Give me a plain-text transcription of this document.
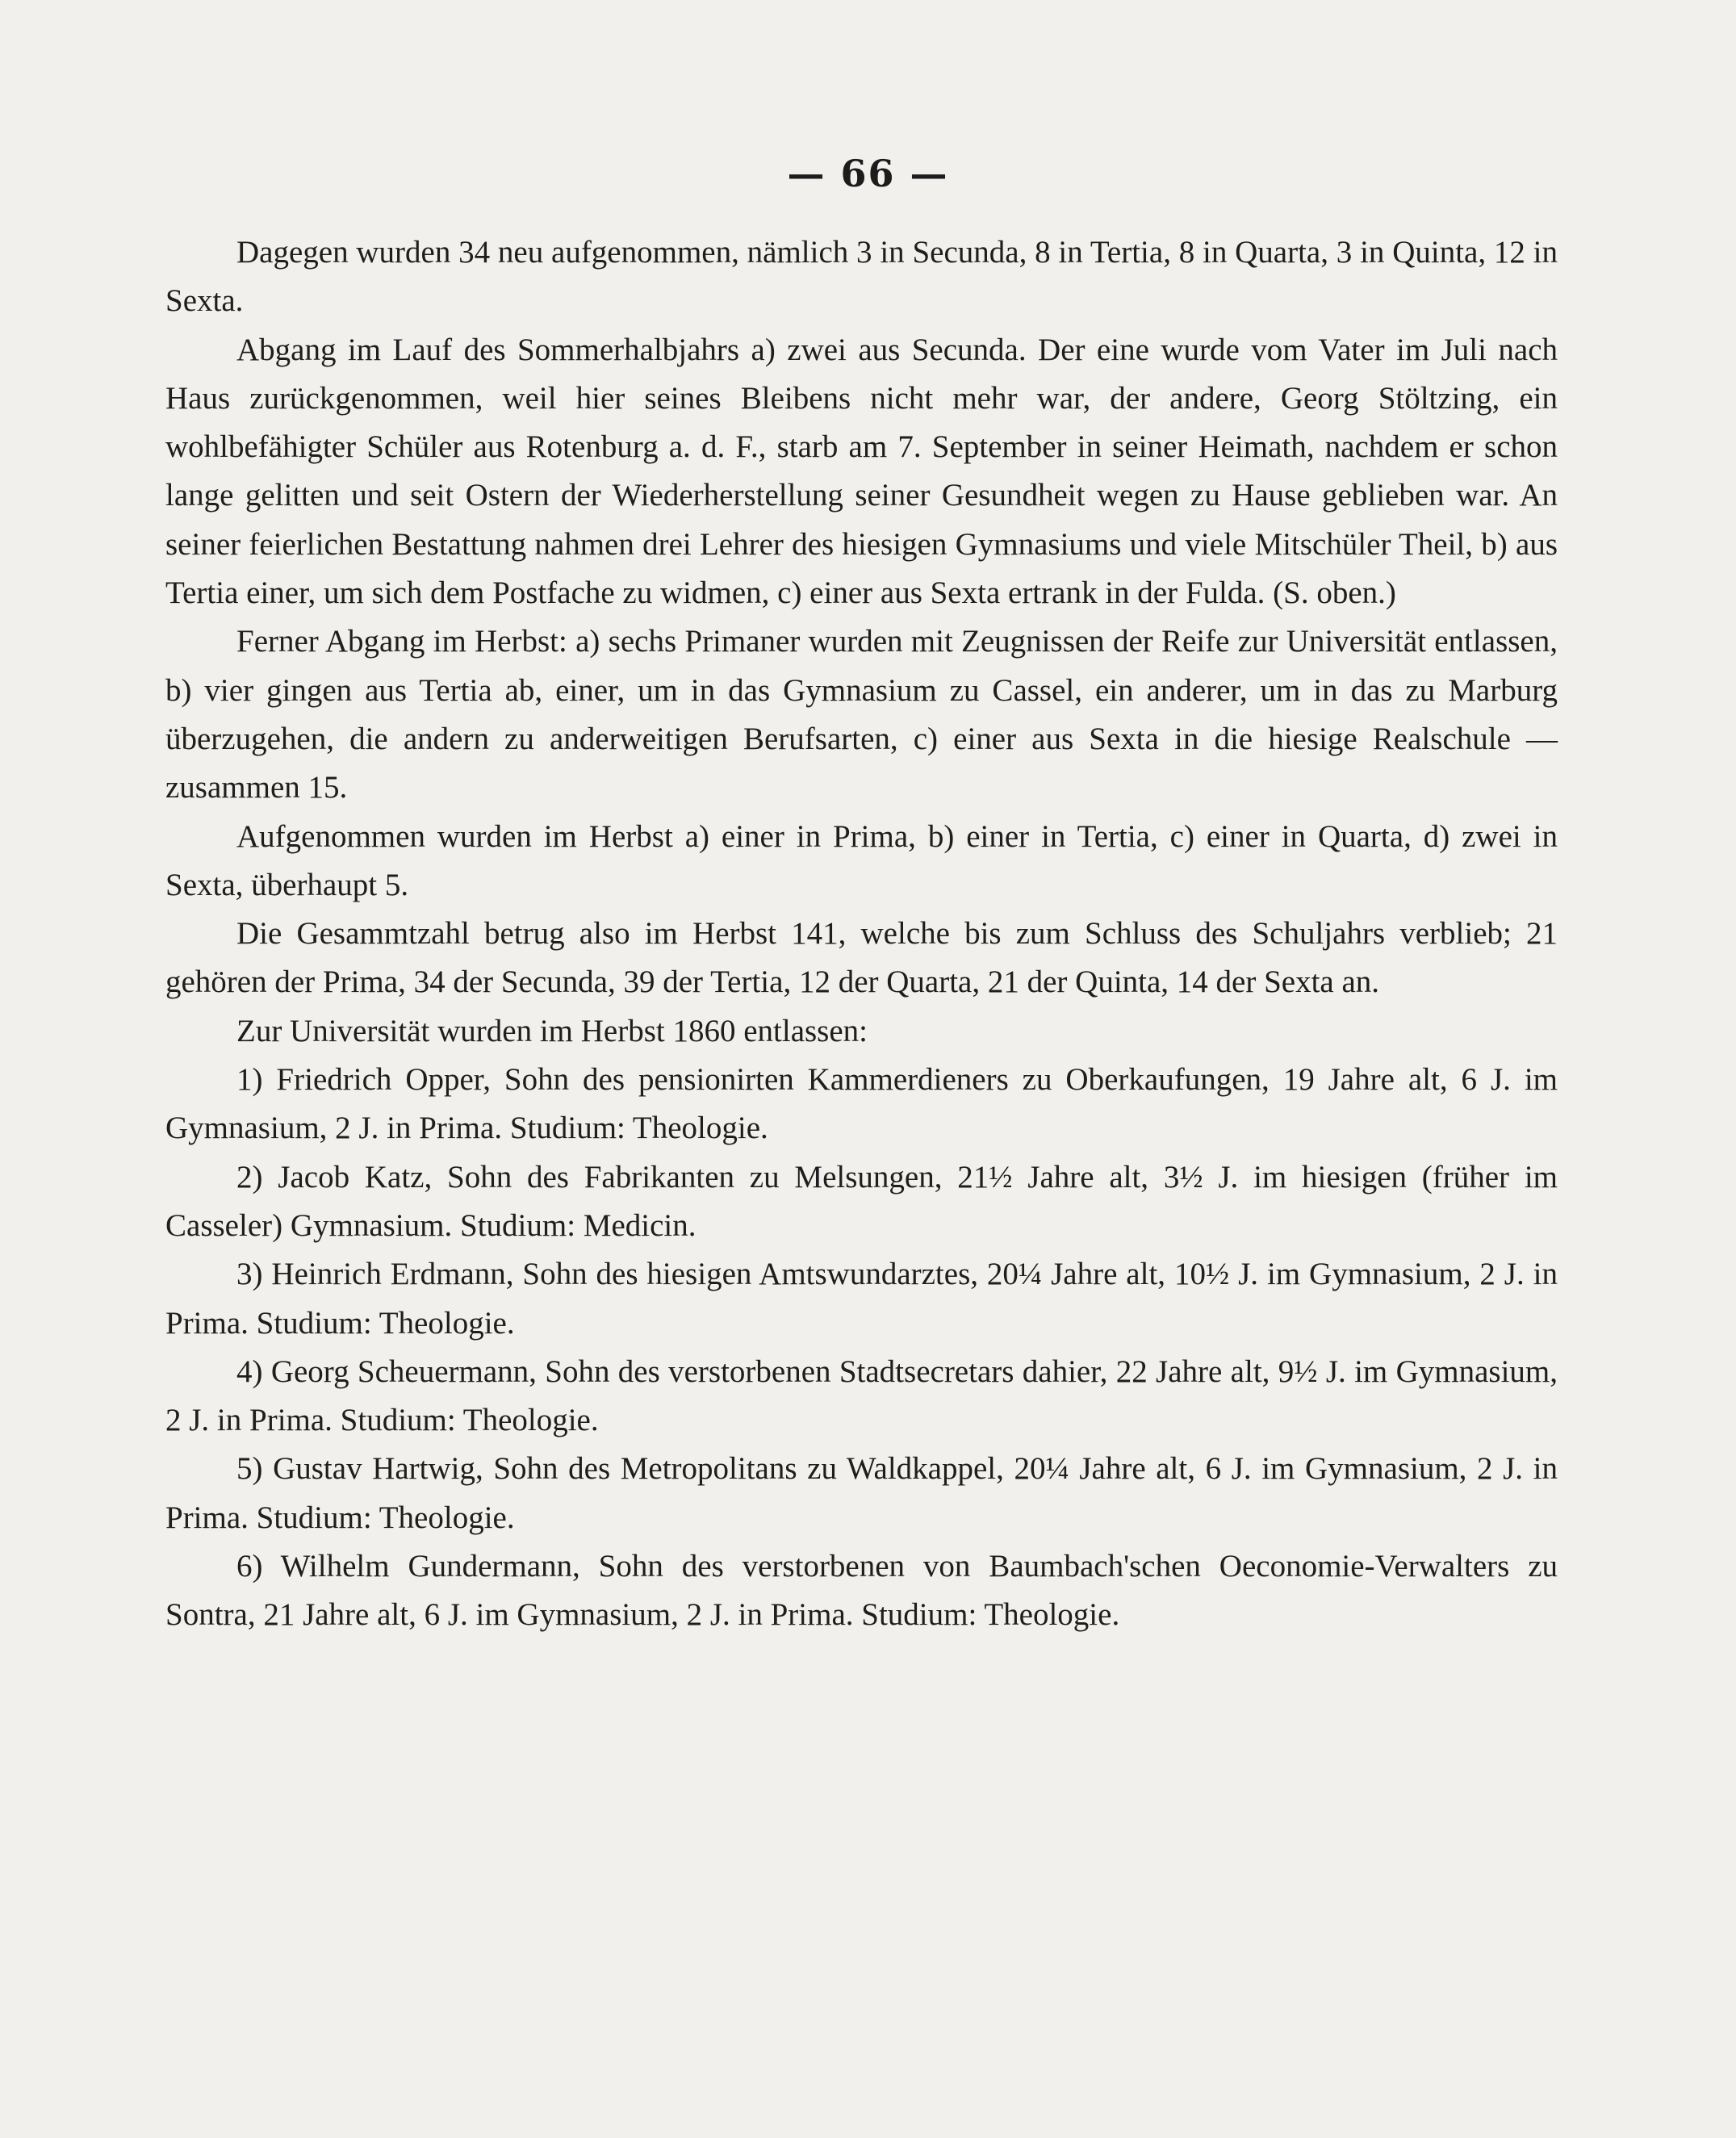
— 66 —

Dagegen wurden 34 neu aufgenommen, nämlich 3 in Secunda, 8 in Tertia, 8 in Quarta, 3 in Quinta, 12 in Sexta.

Abgang im Lauf des Sommerhalbjahrs a) zwei aus Secunda. Der eine wurde vom Vater im Juli nach Haus zurückgenommen, weil hier seines Bleibens nicht mehr war, der andere, Georg Stöltzing, ein wohlbefähigter Schüler aus Rotenburg a. d. F., starb am 7. September in seiner Heimath, nachdem er schon lange gelitten und seit Ostern der Wiederherstellung seiner Gesundheit wegen zu Hause geblieben war. An seiner feierlichen Bestattung nahmen drei Lehrer des hiesigen Gymnasiums und viele Mitschüler Theil, b) aus Tertia einer, um sich dem Postfache zu widmen, c) einer aus Sexta ertrank in der Fulda. (S. oben.)

Ferner Abgang im Herbst: a) sechs Primaner wurden mit Zeugnissen der Reife zur Universität entlassen, b) vier gingen aus Tertia ab, einer, um in das Gymnasium zu Cassel, ein anderer, um in das zu Marburg überzugehen, die andern zu anderweitigen Berufsarten, c) einer aus Sexta in die hiesige Realschule — zusammen 15.

Aufgenommen wurden im Herbst a) einer in Prima, b) einer in Tertia, c) einer in Quarta, d) zwei in Sexta, überhaupt 5.

Die Gesammtzahl betrug also im Herbst 141, welche bis zum Schluss des Schuljahrs verblieb; 21 gehören der Prima, 34 der Secunda, 39 der Tertia, 12 der Quarta, 21 der Quinta, 14 der Sexta an.

Zur Universität wurden im Herbst 1860 entlassen:

1) Friedrich Opper, Sohn des pensionirten Kammerdieners zu Oberkaufungen, 19 Jahre alt, 6 J. im Gymnasium, 2 J. in Prima. Studium: Theologie.

2) Jacob Katz, Sohn des Fabrikanten zu Melsungen, 21½ Jahre alt, 3½ J. im hiesigen (früher im Casseler) Gymnasium. Studium: Medicin.

3) Heinrich Erdmann, Sohn des hiesigen Amtswundarztes, 20¼ Jahre alt, 10½ J. im Gymnasium, 2 J. in Prima. Studium: Theologie.

4) Georg Scheuermann, Sohn des verstorbenen Stadtsecretars dahier, 22 Jahre alt, 9½ J. im Gymnasium, 2 J. in Prima. Studium: Theologie.

5) Gustav Hartwig, Sohn des Metropolitans zu Waldkappel, 20¼ Jahre alt, 6 J. im Gymnasium, 2 J. in Prima. Studium: Theologie.

6) Wilhelm Gundermann, Sohn des verstorbenen von Baumbach'schen Oeconomie-Verwalters zu Sontra, 21 Jahre alt, 6 J. im Gymnasium, 2 J. in Prima. Studium: Theologie.
